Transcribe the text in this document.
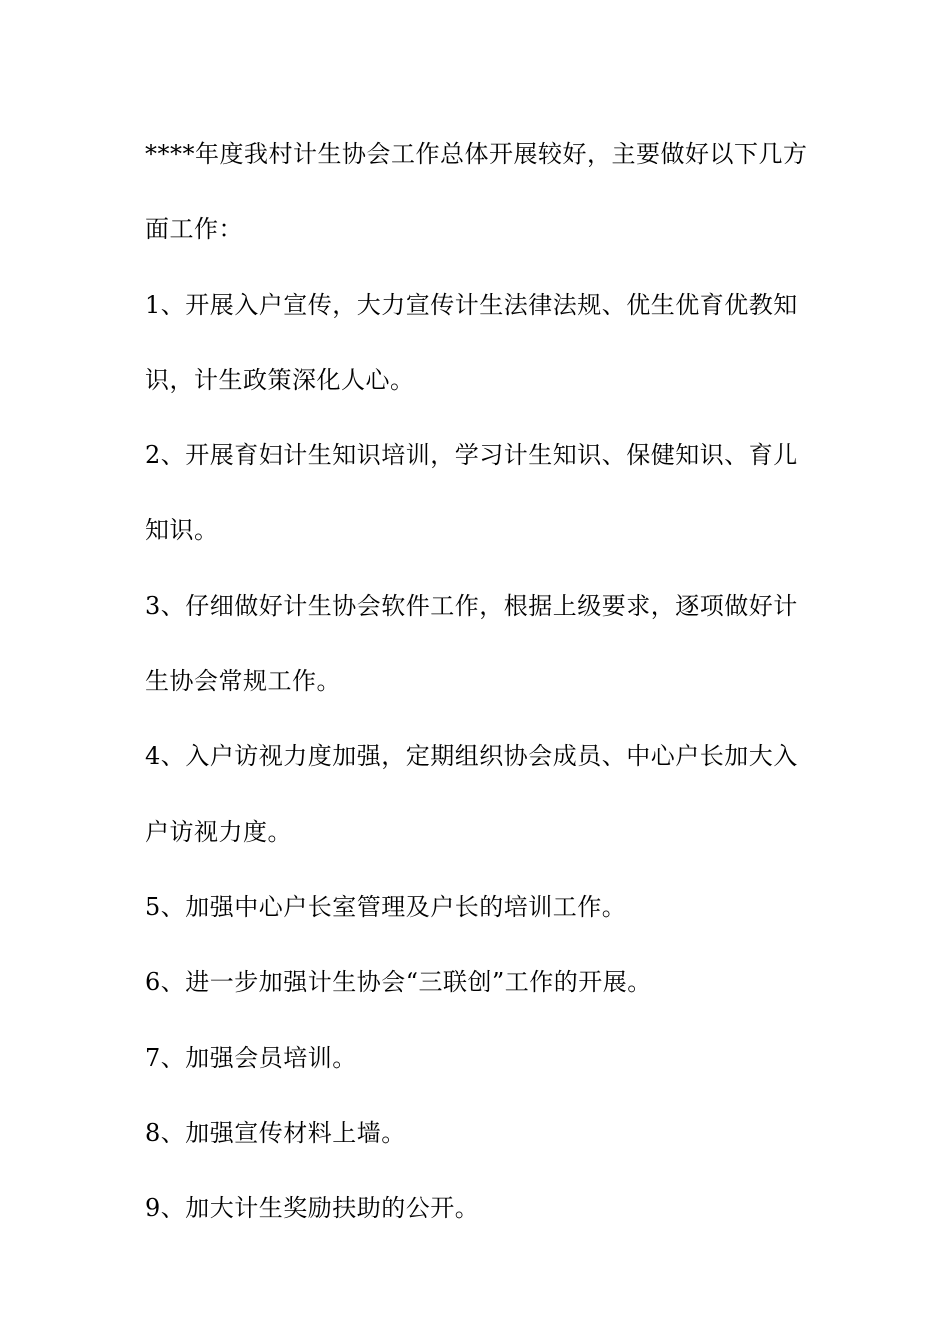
****年度我村计生协会工作总体开展较好，主要做好以下几方面工作：

1、开展入户宣传，大力宣传计生法律法规、优生优育优教知识，计生政策深化人心。

2、开展育妇计生知识培训，学习计生知识、保健知识、育儿知识。

3、仔细做好计生协会软件工作，根据上级要求，逐项做好计生协会常规工作。

4、入户访视力度加强，定期组织协会成员、中心户长加大入户访视力度。

5、加强中心户长室管理及户长的培训工作。

6、进一步加强计生协会“三联创”工作的开展。

7、加强会员培训。

8、加强宣传材料上墙。

9、加大计生奖励扶助的公开。
